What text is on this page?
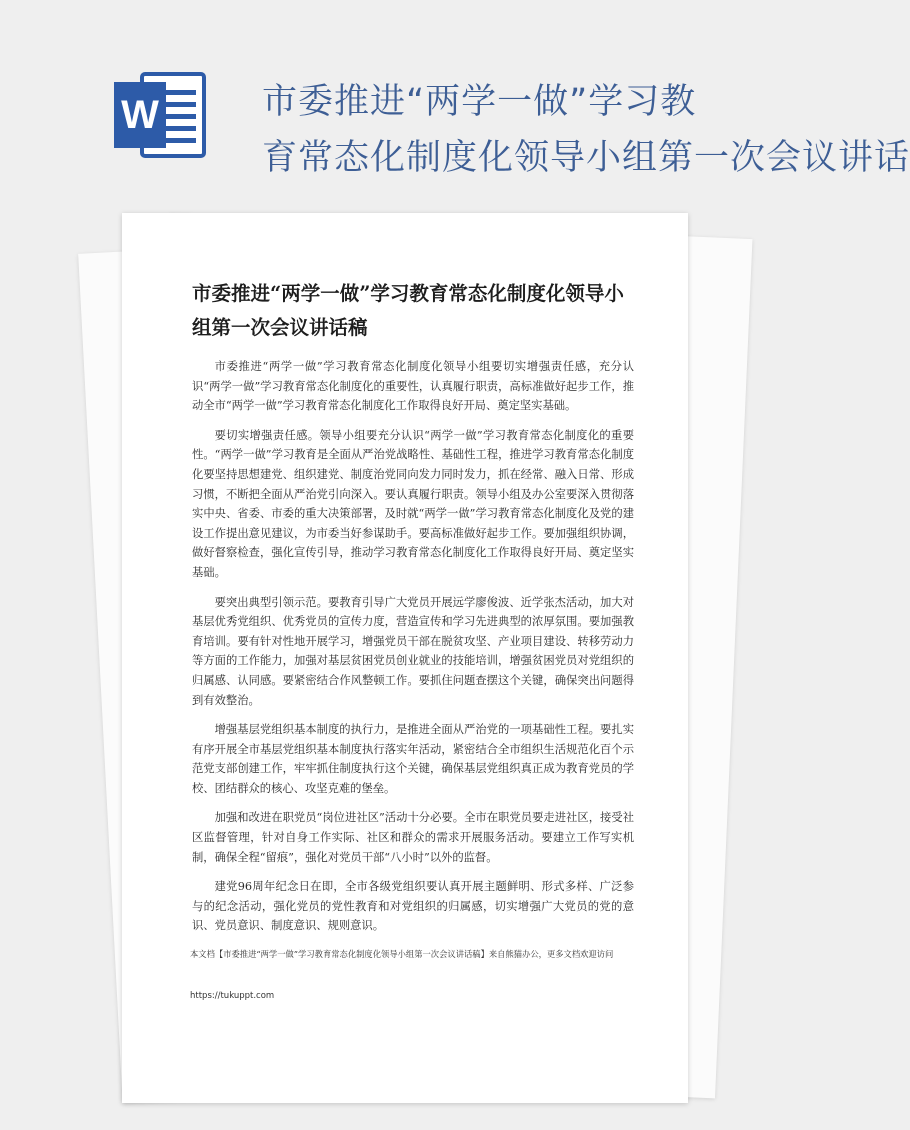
W	市委推进“两学一做”学习教
育常态化制度化领导小组第一次会议讲话
市委推进“两学一做”学习教育常态化制度化领导小组第一次会议讲话稿

市委推进“两学一做”学习教育常态化制度化领导小组要切实增强责任感，充分认识“两学一做”学习教育常态化制度化的重要性，认真履行职责，高标准做好起步工作，推动全市“两学一做”学习教育常态化制度化工作取得良好开局、奠定坚实基础。

要切实增强责任感。领导小组要充分认识“两学一做”学习教育常态化制度化的重要性。“两学一做”学习教育是全面从严治党战略性、基础性工程，推进学习教育常态化制度化要坚持思想建党、组织建党、制度治党同向发力同时发力，抓在经常、融入日常、形成习惯，不断把全面从严治党引向深入。要认真履行职责。领导小组及办公室要深入贯彻落实中央、省委、市委的重大决策部署，及时就“两学一做”学习教育常态化制度化及党的建设工作提出意见建议，为市委当好参谋助手。要高标准做好起步工作。要加强组织协调，做好督察检查，强化宣传引导，推动学习教育常态化制度化工作取得良好开局、奠定坚实基础。

要突出典型引领示范。要教育引导广大党员开展远学廖俊波、近学张杰活动，加大对基层优秀党组织、优秀党员的宣传力度，营造宣传和学习先进典型的浓厚氛围。要加强教育培训。要有针对性地开展学习，增强党员干部在脱贫攻坚、产业项目建设、转移劳动力等方面的工作能力，加强对基层贫困党员创业就业的技能培训，增强贫困党员对党组织的归属感、认同感。要紧密结合作风整顿工作。要抓住问题查摆这个关键，确保突出问题得到有效整治。

增强基层党组织基本制度的执行力，是推进全面从严治党的一项基础性工程。要扎实有序开展全市基层党组织基本制度执行落实年活动，紧密结合全市组织生活规范化百个示范党支部创建工作，牢牢抓住制度执行这个关键，确保基层党组织真正成为教育党员的学校、团结群众的核心、攻坚克难的堡垒。

加强和改进在职党员“岗位进社区”活动十分必要。全市在职党员要走进社区，接受社区监督管理，针对自身工作实际、社区和群众的需求开展服务活动。要建立工作写实机制，确保全程“留痕”，强化对党员干部“八小时”以外的监督。

建党96周年纪念日在即，全市各级党组织要认真开展主题鲜明、形式多样、广泛参与的纪念活动，强化党员的党性教育和对党组织的归属感，切实增强广大党员的党的意识、党员意识、制度意识、规则意识。

本文档【市委推进“两学一做”学习教育常态化制度化领导小组第一次会议讲话稿】来自熊猫办公，更多文档欢迎访问
https://tukuppt.com
